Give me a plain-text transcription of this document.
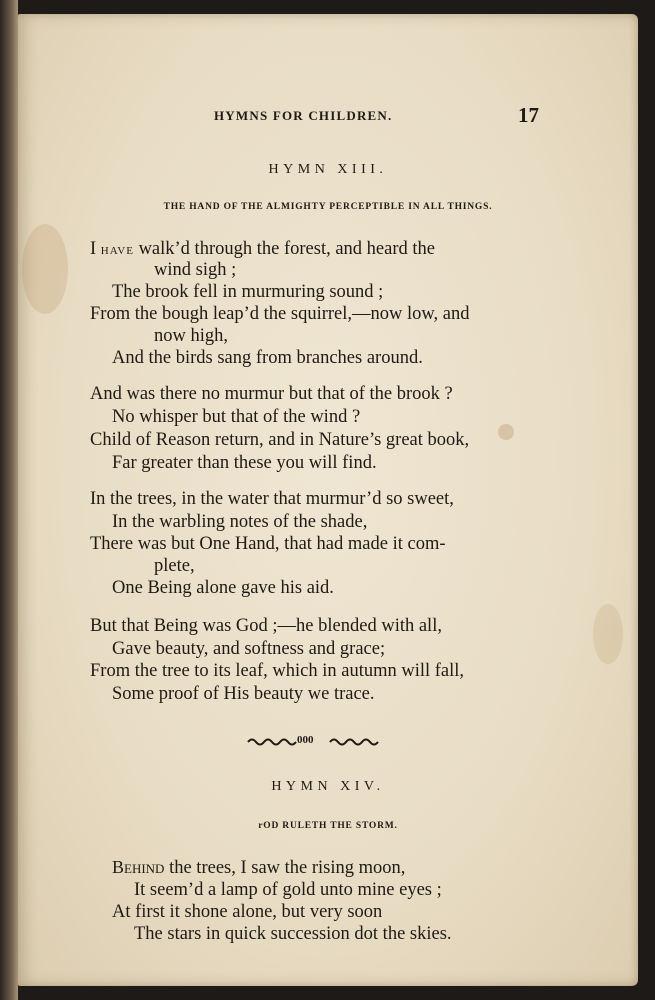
HYMNS FOR CHILDREN.	17
HYMN XIII.
THE HAND OF THE ALMIGHTY PERCEPTIBLE IN ALL THINGS.
I have walk’d through the forest, and heard the
wind sigh ;
The brook fell in murmuring sound ;
From the bough leap’d the squirrel,—now low, and
now high,
And the birds sang from branches around.
And was there no murmur but that of the brook ?
No whisper but that of the wind ?
Child of Reason return, and in Nature’s great book,
Far greater than these you will find.
In the trees, in the water that murmur’d so sweet,
In the warbling notes of the shade,
There was but One Hand, that had made it com-
plete,
One Being alone gave his aid.
But that Being was God ;—he blended with all,
Gave beauty, and softness and grace;
From the tree to its leaf, which in autumn will fall,
Some proof of His beauty we trace.
000
HYMN XIV.
rOD RULETH THE STORM.
Behind the trees, I saw the rising moon,
It seem’d a lamp of gold unto mine eyes ;
At first it shone alone, but very soon
The stars in quick succession dot the skies.
